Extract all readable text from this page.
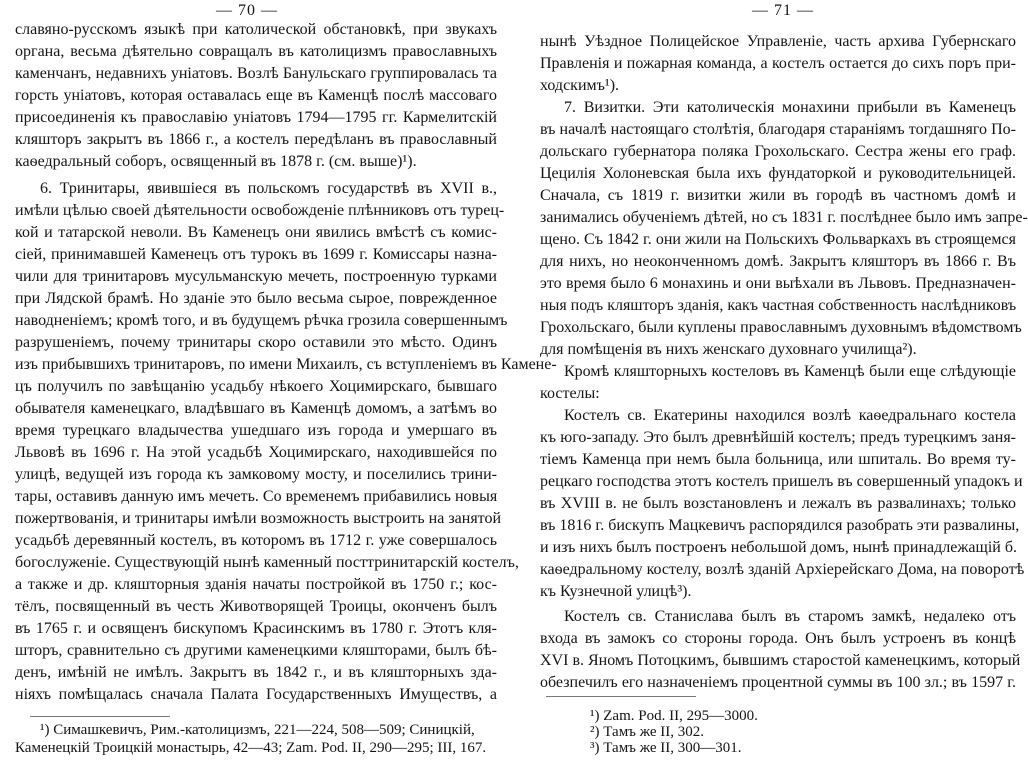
— 70 —
славяно-русскомъ языкѣ при католической обстановкѣ, при звукахъ
органа, весьма дѣятельно совращалъ въ католицизмъ православныхъ
каменчанъ, недавнихъ уніатовъ. Возлѣ Банульскаго группировалась та
горсть уніатовъ, которая оставалась еще въ Каменцѣ послѣ массоваго
присоединенія къ православію уніатовъ 1794—1795 гг. Кармелитскій
кляшторъ закрытъ въ 1866 г., а костелъ передѣланъ въ православный
каѳедральный соборъ, освященный въ 1878 г. (см. выше)¹).
6. Тринитары, явившіеся въ польскомъ государствѣ въ XVII в.,
имѣли цѣлью своей дѣятельности освобожденіе плѣнниковъ отъ турец-
кой и татарской неволи. Въ Каменецъ они явились вмѣстѣ съ комис-
сіей, принимавшей Каменецъ отъ турокъ въ 1699 г. Комиссары назна-
чили для тринитаровъ мусульманскую мечеть, построенную турками
при Лядской брамѣ. Но зданіе это было весьма сырое, поврежденное
наводненіемъ; кромѣ того, и въ будущемъ рѣчка грозила совершеннымъ
разрушеніемъ, почему тринитары скоро оставили это мѣсто. Одинъ
изъ прибывшихъ тринитаровъ, по имени Михаилъ, съ вступленіемъ въ Камене-
цъ получилъ по завѣщанію усадьбу нѣкоего Хоцимирскаго, бывшаго
обывателя каменецкаго, владѣвшаго въ Каменцѣ домомъ, а затѣмъ во
время турецкаго владычества ушедшаго изъ города и умершаго въ
Львовѣ въ 1696 г. На этой усадьбѣ Хоцимирскаго, находившейся по
улицѣ, ведущей изъ города къ замковому мосту, и поселились трини-
тары, оставивъ данную имъ мечеть. Со временемъ прибавились новыя
пожертвованія, и тринитары имѣли возможность выстроить на занятой
усадьбѣ деревянный костелъ, въ которомъ въ 1712 г. уже совершалось
богослуженіе. Существующій нынѣ каменный посттринитарскій костелъ,
а также и др. кляшторныя зданія начаты постройкой въ 1750 г.; кос-
тёлъ, посвященный въ честь Животворящей Троицы, оконченъ былъ
въ 1765 г. и освященъ бискупомъ Красинскимъ въ 1780 г. Этотъ кля-
шторъ, сравнительно съ другими каменецкими кляшторами, былъ бѣ-
денъ, имѣній не имѣлъ. Закрытъ въ 1842 г., и въ кляшторныхъ зда-
ніяхъ помѣщалась сначала Палата Государственныхъ Имуществъ, а
¹) Симашкевичъ, Рим.-католицизмъ, 221—224, 508—509; Синицкій,
Каменецкій Троицкій монастырь, 42—43; Zam. Pod. II, 290—295; III, 167.
— 71 —
нынѣ Уѣздное Полицейское Управленіе, часть архива Губернскаго
Правленія и пожарная команда, а костелъ остается до сихъ поръ при-
ходскимъ¹).
7. Визитки. Эти католическія монахини прибыли въ Каменецъ
въ началѣ настоящаго столѣтія, благодаря стараніямъ тогдашняго По-
дольскаго губернатора поляка Грохольскаго. Сестра жены его граф.
Цецилія Холоневская была ихъ фундаторкой и руководительницей.
Сначала, съ 1819 г. визитки жили въ городѣ въ частномъ домѣ и
занимались обученіемъ дѣтей, но съ 1831 г. послѣднее было имъ запре-
щено. Съ 1842 г. они жили на Польскихъ Фольваркахъ въ строящемся
для нихъ, но неоконченномъ домѣ. Закрытъ кляшторъ въ 1866 г. Въ
это время было 6 монахинь и они выѣхали въ Львовъ. Предназначен-
ныя подъ кляшторъ зданія, какъ частная собственность наслѣдниковъ
Грохольскаго, были куплены православнымъ духовнымъ вѣдомствомъ
для помѣщенія въ нихъ женскаго духовнаго училища²).
Кромѣ кляшторныхъ костеловъ въ Каменцѣ были еще слѣдующіе
костелы:
Костелъ св. Екатерины находился возлѣ каѳедральнаго костела
къ юго-западу. Это былъ древнѣйшій костелъ; предъ турецкимъ заня-
тіемъ Каменца при немъ была больница, или шпиталь. Во время ту-
рецкаго господства этотъ костелъ пришелъ въ совершенный упадокъ и
въ XVIII в. не былъ возстановленъ и лежалъ въ развалинахъ; только
въ 1816 г. бискупъ Мацкевичъ распорядился разобрать эти развалины,
и изъ нихъ былъ построенъ небольшой домъ, нынѣ принадлежащій б.
каѳедральному костелу, возлѣ зданій Архіерейскаго Дома, на поворотѣ
къ Кузнечной улицѣ³).
Костелъ св. Станислава былъ въ старомъ замкѣ, недалеко отъ
входа въ замокъ со стороны города. Онъ былъ устроенъ въ концѣ
XVI в. Яномъ Потоцкимъ, бывшимъ старостой каменецкимъ, который
обезпечилъ его назначеніемъ процентной суммы въ 100 зл.; въ 1597 г.
¹) Zam. Pod. II, 295—3000.
²) Тамъ же II, 302.
³) Тамъ же II, 300—301.
